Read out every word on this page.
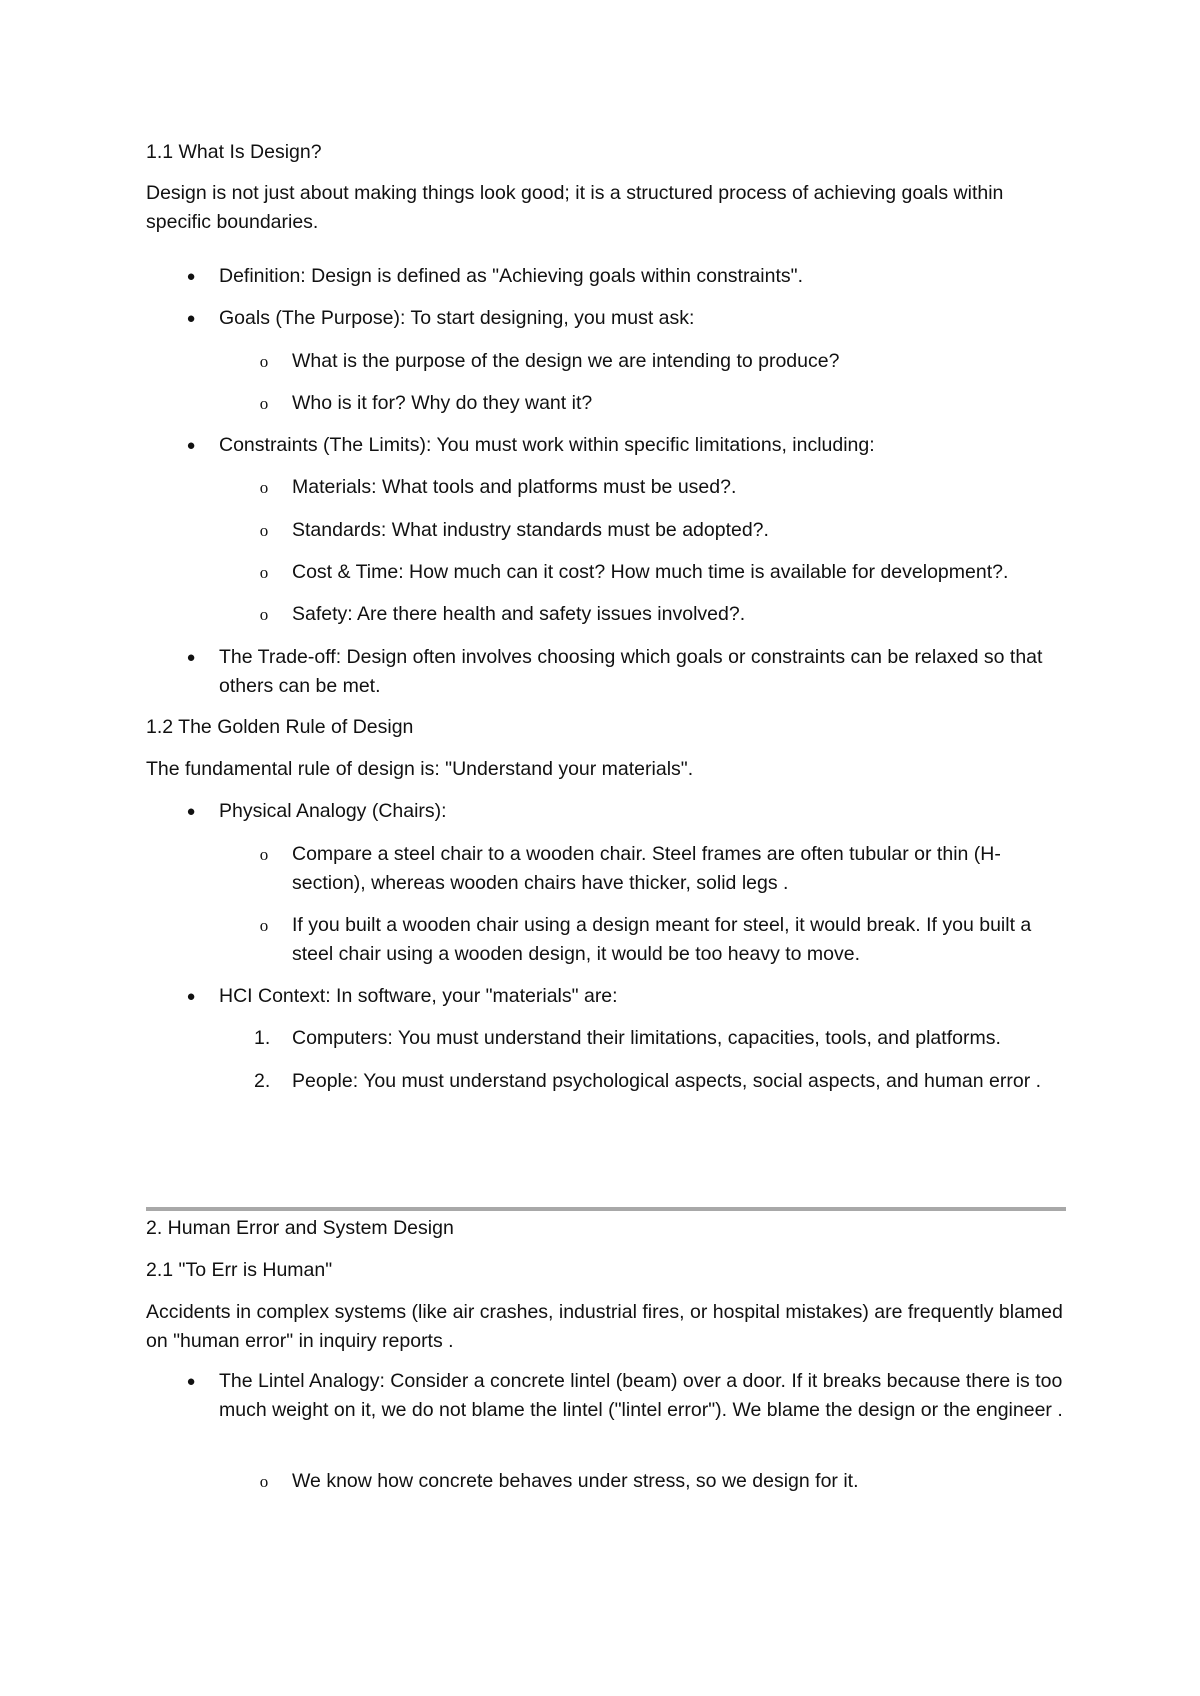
1.1 What Is Design?

Design is not just about making things look good; it is a structured process of achieving goals within specific boundaries.

● Definition: Design is defined as "Achieving goals within constraints".
● Goals (The Purpose): To start designing, you must ask:
o What is the purpose of the design we are intending to produce?
o Who is it for? Why do they want it?
● Constraints (The Limits): You must work within specific limitations, including:
o Materials: What tools and platforms must be used?.
o Standards: What industry standards must be adopted?.
o Cost & Time: How much can it cost? How much time is available for development?.
o Safety: Are there health and safety issues involved?.
● The Trade-off: Design often involves choosing which goals or constraints can be relaxed so that others can be met.

1.2 The Golden Rule of Design

The fundamental rule of design is: "Understand your materials".

● Physical Analogy (Chairs):
o Compare a steel chair to a wooden chair. Steel frames are often tubular or thin (H-section), whereas wooden chairs have thicker, solid legs .
o If you built a wooden chair using a design meant for steel, it would break. If you built a steel chair using a wooden design, it would be too heavy to move.
● HCI Context: In software, your "materials" are:
1.	Computers: You must understand their limitations, capacities, tools, and platforms.
2.	People: You must understand psychological aspects, social aspects, and human error .

2. Human Error and System Design

2.1 "To Err is Human"

Accidents in complex systems (like air crashes, industrial fires, or hospital mistakes) are frequently blamed on "human error" in inquiry reports .

● The Lintel Analogy: Consider a concrete lintel (beam) over a door. If it breaks because there is too much weight on it, we do not blame the lintel ("lintel error"). We blame the design or the engineer .
o We know how concrete behaves under stress, so we design for it.
